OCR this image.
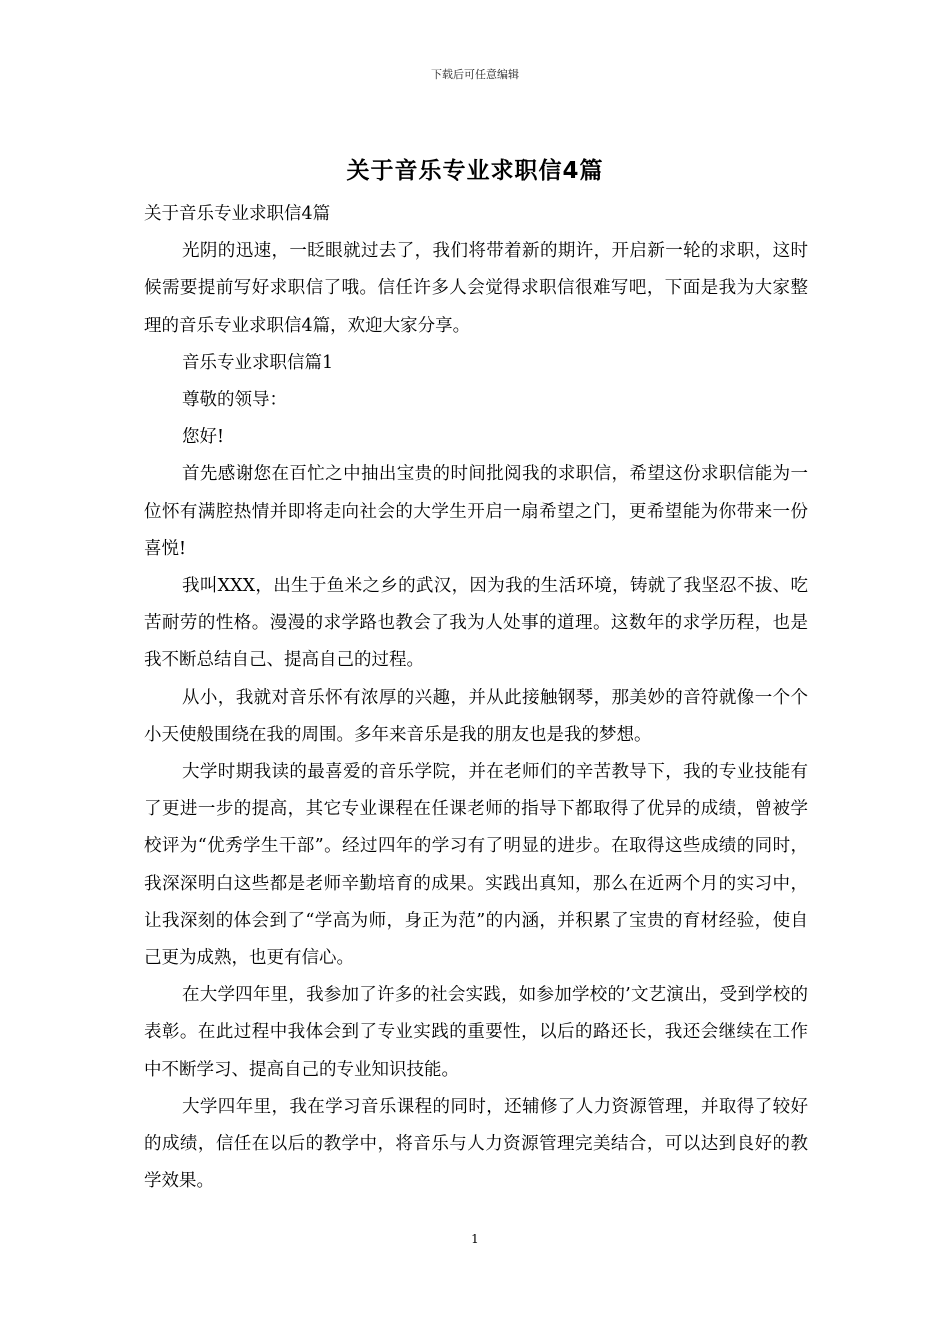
下载后可任意编辑
关于音乐专业求职信4篇

关于音乐专业求职信4篇

光阴的迅速，一眨眼就过去了，我们将带着新的期许，开启新一轮的求职，这时候需要提前写好求职信了哦。信任许多人会觉得求职信很难写吧，下面是我为大家整理的音乐专业求职信4篇，欢迎大家分享。

音乐专业求职信篇1

尊敬的领导：

您好!

首先感谢您在百忙之中抽出宝贵的时间批阅我的求职信，希望这份求职信能为一位怀有满腔热情并即将走向社会的大学生开启一扇希望之门，更希望能为你带来一份喜悦!

我叫XXX，出生于鱼米之乡的武汉，因为我的生活环境，铸就了我坚忍不拔、吃苦耐劳的性格。漫漫的求学路也教会了我为人处事的道理。这数年的求学历程，也是我不断总结自己、提高自己的过程。

从小，我就对音乐怀有浓厚的兴趣，并从此接触钢琴，那美妙的音符就像一个个小天使般围绕在我的周围。多年来音乐是我的朋友也是我的梦想。

大学时期我读的最喜爱的音乐学院，并在老师们的辛苦教导下，我的专业技能有了更进一步的提高，其它专业课程在任课老师的指导下都取得了优异的成绩，曾被学校评为“优秀学生干部”。经过四年的学习有了明显的进步。在取得这些成绩的同时，我深深明白这些都是老师辛勤培育的成果。实践出真知，那么在近两个月的实习中，让我深刻的体会到了“学高为师，身正为范”的内涵，并积累了宝贵的育材经验，使自己更为成熟，也更有信心。

在大学四年里，我参加了许多的社会实践，如参加学校的’文艺演出，受到学校的表彰。在此过程中我体会到了专业实践的重要性，以后的路还长，我还会继续在工作中不断学习、提高自己的专业知识技能。

大学四年里，我在学习音乐课程的同时，还辅修了人力资源管理，并取得了较好的成绩，信任在以后的教学中，将音乐与人力资源管理完美结合，可以达到良好的教学效果。

1
